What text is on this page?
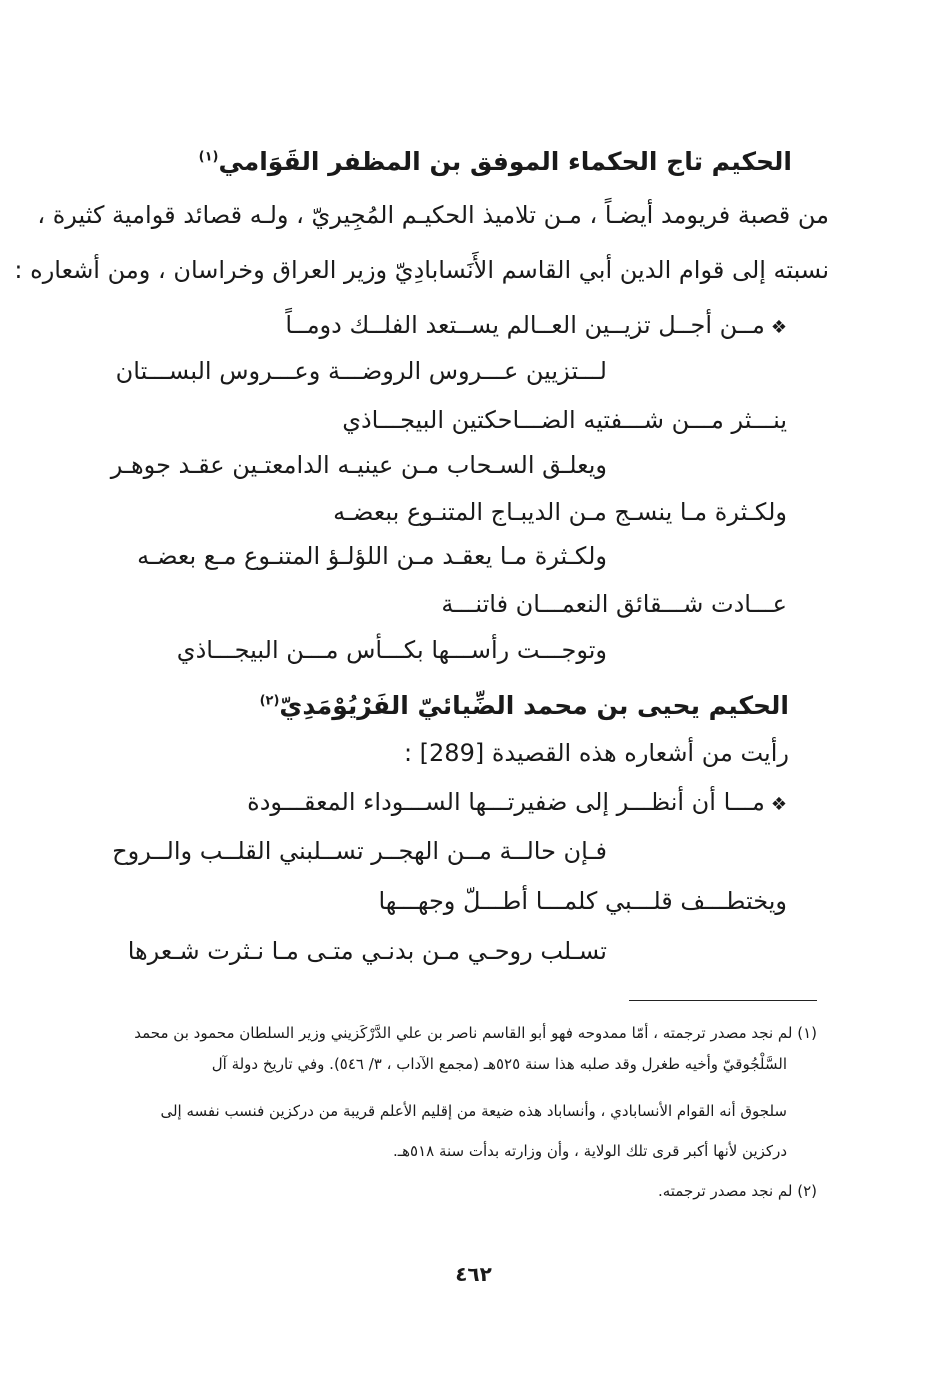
الحكيم تاج الحكماء الموفق بن المظفر القَوَامي$^{(١)}$
من قصبة فريومد أيضـاً ، مـن تلاميذ الحكيـم المُجِيريّ ، ولـه قصائد قوامية كثيرة ،
نسبته إلى قوام الدين أبي القاسم الأَنَسابادِيّ وزير العراق وخراسان ، ومن أشعاره :
❖مــن أجــل تزيــين العــالم يســتعد الفلــك دومــاً
لـــتزيين عـــروس الروضـــة وعـــروس البســـتان
ينـــثر مـــن شـــفتيه الضـــاحكتين البيجـــاذي
ويعلـق السـحاب مـن عينيـه الدامعتـين عقـد جوهـر
ولكـثرة مـا ينسـج مـن الديبـاج المتنـوع ببعضـه
ولكـثرة مـا يعقـد مـن اللؤلـؤ المتنـوع مـع بعضـه
عـــادت شـــقائق النعمـــان فاتنـــة
وتوجـــت رأســـها بكـــأس مـــن البيجـــاذي
الحكيم يحيى بن محمد الضِّيائيّ الفَرْيُوْمَدِيّ$^{(٢)}$
رأيت من أشعاره هذه القصيدة [289] :
❖مـــا أن أنظـــر إلى ضفيرتـــها الســـوداء المعقـــودة
فـإن حالــة مــن الهجــر تســلبني القلــب والــروح
ويختطـــف قلـــبي كلمـــا أطـــلّ وجهـــها
تسـلب روحـي مـن بدنـي متـى مـا نـثرت شـعرها
(١) لم نجد مصدر ترجمته ، أمّا ممدوحه فهو أبو القاسم ناصر بن علي الدَّرْكَزيني وزير السلطان محمود بن محمد
السَّلْجُوقيّ وأخيه طغرل وقد صلبه هذا سنة ٥٢٥هـ (مجمع الآداب ، ٣/ ٥٤٦). وفي تاريخ دولة آل
سلجوق أنه القوام الأنسابادي ، وأنساباد هذه ضيعة من إقليم الأعلم قريبة من دركزين فنسب نفسه إلى
دركزين لأنها أكبر قرى تلك الولاية ، وأن وزارته بدأت سنة ٥١٨هـ.
(٢) لم نجد مصدر ترجمته.
٤٦٢
